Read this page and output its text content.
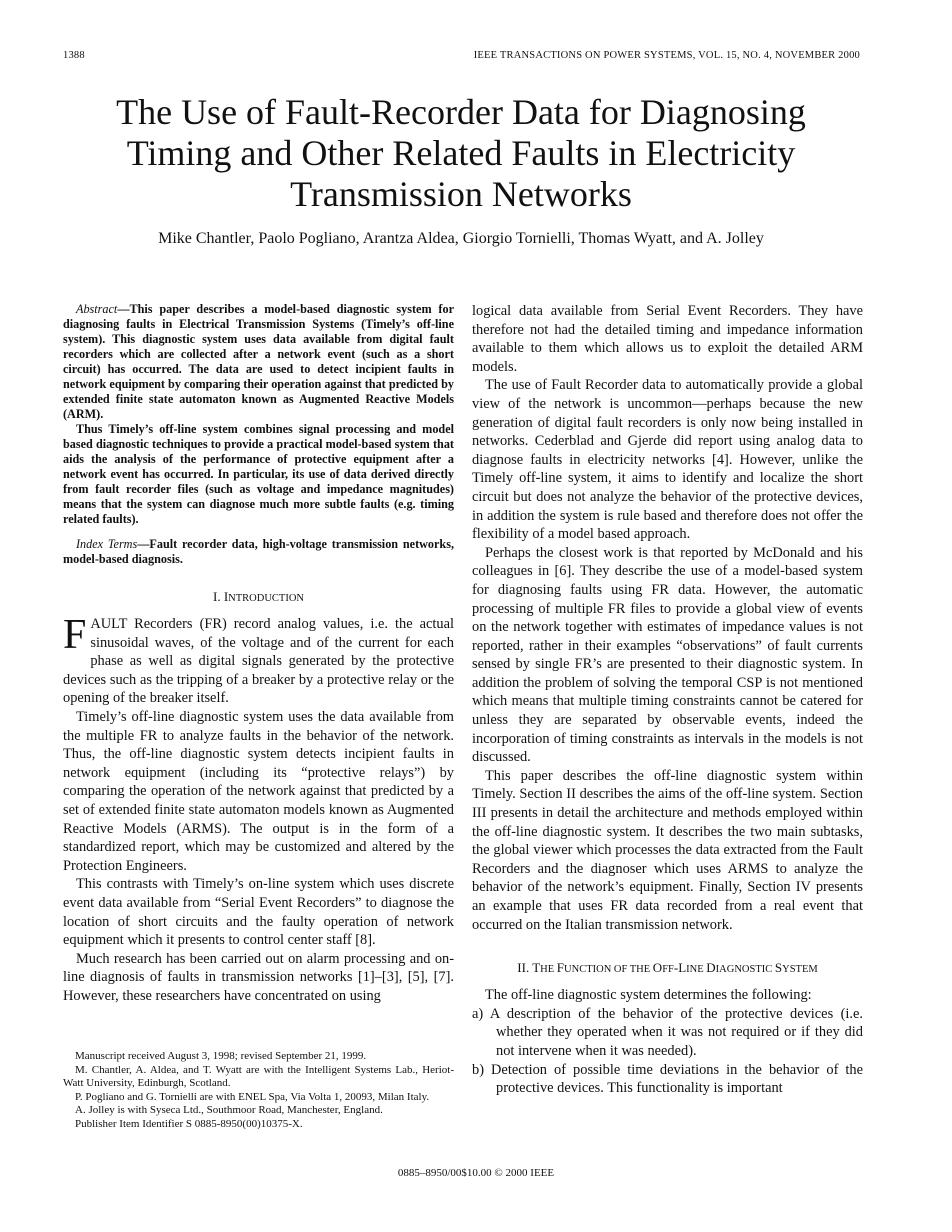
1388	IEEE TRANSACTIONS ON POWER SYSTEMS, VOL. 15, NO. 4, NOVEMBER 2000
The Use of Fault-Recorder Data for Diagnosing
Timing and Other Related Faults in Electricity
Transmission Networks
Mike Chantler, Paolo Pogliano, Arantza Aldea, Giorgio Tornielli, Thomas Wyatt, and A. Jolley

Abstract—This paper describes a model-based diagnostic system for diagnosing faults in Electrical Transmission Systems (Timely’s off-line system). This diagnostic system uses data available from digital fault recorders which are collected after a network event (such as a short circuit) has occurred. The data are used to detect incipient faults in network equipment by comparing their operation against that predicted by extended finite state automaton known as Augmented Reactive Models (ARM).

Thus Timely’s off-line system combines signal processing and model based diagnostic techniques to provide a practical model-based system that aids the analysis of the performance of protective equipment after a network event has occurred. In particular, its use of data derived directly from fault recorder files (such as voltage and impedance magnitudes) means that the system can diagnose much more subtle faults (e.g. timing related faults).

Index Terms—Fault recorder data, high-voltage transmission networks, model-based diagnosis.

I. INTRODUCTION

FAULT Recorders (FR) record analog values, i.e. the actual sinusoidal waves, of the voltage and of the current for each phase as well as digital signals generated by the protective devices such as the tripping of a breaker by a protective relay or the opening of the breaker itself.

Timely’s off-line diagnostic system uses the data available from the multiple FR to analyze faults in the behavior of the network. Thus, the off-line diagnostic system detects incipient faults in network equipment (including its “protective relays”) by comparing the operation of the network against that predicted by a set of extended finite state automaton models known as Augmented Reactive Models (ARMS). The output is in the form of a standardized report, which may be customized and altered by the Protection Engineers.

This contrasts with Timely’s on-line system which uses discrete event data available from “Serial Event Recorders” to diagnose the location of short circuits and the faulty operation of network equipment which it presents to control center staff [8].

Much research has been carried out on alarm processing and on-line diagnosis of faults in transmission networks [1]–[3], [5], [7]. However, these researchers have concentrated on using

logical data available from Serial Event Recorders. They have therefore not had the detailed timing and impedance information available to them which allows us to exploit the detailed ARM models.

The use of Fault Recorder data to automatically provide a global view of the network is uncommon—perhaps because the new generation of digital fault recorders is only now being installed in networks. Cederblad and Gjerde did report using analog data to diagnose faults in electricity networks [4]. However, unlike the Timely off-line system, it aims to identify and localize the short circuit but does not analyze the behavior of the protective devices, in addition the system is rule based and therefore does not offer the flexibility of a model based approach.

Perhaps the closest work is that reported by McDonald and his colleagues in [6]. They describe the use of a model-based system for diagnosing faults using FR data. However, the automatic processing of multiple FR files to provide a global view of events on the network together with estimates of impedance values is not reported, rather in their examples “observations” of fault currents sensed by single FR’s are presented to their diagnostic system. In addition the problem of solving the temporal CSP is not mentioned which means that multiple timing constraints cannot be catered for unless they are separated by observable events, indeed the incorporation of timing constraints as intervals in the models is not discussed.

This paper describes the off-line diagnostic system within Timely. Section II describes the aims of the off-line system. Section III presents in detail the architecture and methods employed within the off-line diagnostic system. It describes the two main subtasks, the global viewer which processes the data extracted from the Fault Recorders and the diagnoser which uses ARMS to analyze the behavior of the network’s equipment. Finally, Section IV presents an example that uses FR data recorded from a real event that occurred on the Italian transmission network.

II. THE FUNCTION OF THE OFF-LINE DIAGNOSTIC SYSTEM

The off-line diagnostic system determines the following:

a) A description of the behavior of the protective devices (i.e. whether they operated when it was not required or if they did not intervene when it was needed).
b) Detection of possible time deviations in the behavior of the protective devices. This functionality is important
Manuscript received August 3, 1998; revised September 21, 1999.
M. Chantler, A. Aldea, and T. Wyatt are with the Intelligent Systems Lab., Heriot-Watt University, Edinburgh, Scotland.
P. Pogliano and G. Tornielli are with ENEL Spa, Via Volta 1, 20093, Milan Italy.
A. Jolley is with Syseca Ltd., Southmoor Road, Manchester, England.
Publisher Item Identifier S 0885-8950(00)10375-X.
0885–8950/00$10.00 © 2000 IEEE
